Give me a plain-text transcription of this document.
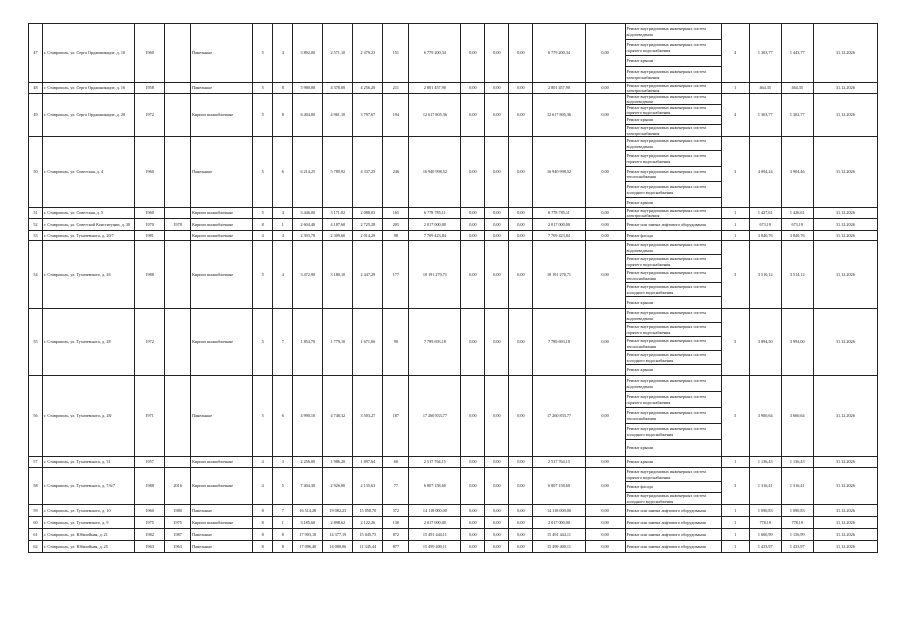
47	г. Ставрополь, ул. Серго Орджоникидзе, д. 10	1960		Панельные	5	4	3 892,00	2 571,10	2 479,23	151	6 779 200,34	0,00	0,00	0,00	6 779 200,34	0,00	Ремонт внутридомовых инженерных систем водоотведения
Ремонт внутридомовых инженерных систем горячего водоснабжения
Ремонт крыши
Ремонт внутридомовых инженерных систем электроснабжения	4	1 303,77	1 443,77	31.12.2026
48	г. Ставрополь, ул. Серго Орджоникидзе, д. 16	1958		Панельные	5	8	5 980,00	4 378,00	4 256,20	211	2 801 457,90	0,00	0,00	0,00	2 801 457,90	0,00	Ремонт внутридомовых инженерных систем электроснабжения	1	464,35	464,35	31.12.2026
49	г. Ставрополь, ул. Серго Орджоникидзе, д. 20	1972		Кирпич шлакоблочные	5	8	6 404,00	4 961,10	3 797,67	194	12 617 805,36	0,00	0,00	0,00	12 617 805,36	0,00	Ремонт внутридомовых инженерных систем водоотведения
Ремонт внутридомовых инженерных систем горячего водоснабжения
Ремонт крыши
Ремонт внутридомовых инженерных систем электроснабжения	4	1 303,77	1 302,77	31.12.2026
50	г. Ставрополь, ул. Советская, д. 4	1960		Панельные	5	6	6 214,25	5 789,92	4 337,25	246	16 940 998,52	0,00	0,00	0,00	16 940 998,52	0,00	Ремонт внутридомовых инженерных систем водоотведения
Ремонт внутридомовых инженерных систем горячего водоснабжения
Ремонт внутридомовых инженерных систем теплоснабжения
Ремонт внутридомовых инженерных систем холодного водоснабжения
Ремонт крыши	3	4 094,24	3 904,46	31.12.2026
51	г. Ставрополь, ул. Советская, д. 5	1960		Кирпич шлакоблочные	5	4	3 446,00	3 171,02	2 088,03	165	6 778 785,11	0,00	0,00	0,00	6 778 785,11	0,00	Ремонт внутридомовых инженерных систем электроснабжения	1	1 427,61	1 426,61	31.12.2026
52	г. Ставрополь, ул. Советской Конституции, д. 30	1970	1978	Кирпич шлакоблочные	8	1	2 604,40	4 187,60	2 725,28	205	2 017 000,00	0,00	0,00	0,00	2 017 000,00	0,00	Ремонт или замена лифтового оборудования	1	673,19	673,19	31.12.2026
53	г. Ставрополь, ул. Тухачевского, д. 20/7	1981		Кирпич шлакоблочные	4	4	2 393,78	2 309,60	2 014,29	98	7 709 423,84	0,00	0,00	0,00	7 709 423,84	0,00	Ремонт фасада	1	3 840,76	3 840,76	31.12.2026
54	г. Ставрополь, ул. Тухачевского, д. 26	1988		Кирпич шлакоблочные	5	4	3 472,90	3 180,10	2 447,29	177	10 191 270,71	0,00	0,00	0,00	10 191 270,71	0,00	Ремонт внутридомовых инженерных систем водоотведения
Ремонт внутридомовых инженерных систем горячего водоснабжения
Ремонт внутридомовых инженерных систем теплоснабжения
Ремонт внутридомовых инженерных систем холодного водоснабжения
Ремонт крыши	3	3 510,12	3 514,12	31.12.2026
55	г. Ставрополь, ул. Тухачевского, д. 28	1972		Кирпич шлакоблочные	5	7	1 854,70	1 779,10	1 671,06	90	7 789 693,18	0,00	0,00	0,00	7 789 693,18	0,00	Ремонт внутридомовых инженерных систем водоотведения
Ремонт внутридомовых инженерных систем горячего водоснабжения
Ремонт внутридомовых инженерных систем теплоснабжения
Ремонт внутридомовых инженерных систем холодного водоснабжения
Ремонт крыши	5	3 894,50	3 994,00	31.12.2026
56	г. Ставрополь, ул. Тухачевского, д. 28/	1971		Панельные	5	6	4 990,10	4 748,32	3 503,27	187	17 260 833,77	0,00	0,00	0,00	17 260 833,77	0,00	Ремонт внутридомовых инженерных систем водоотведения
Ремонт внутридомовых инженерных систем горячего водоснабжения
Ремонт внутридомовых инженерных систем теплоснабжения
Ремонт внутридомовых инженерных систем холодного водоснабжения
Ремонт крыши	5	3 900,64	3 660,64	31.12.2026
57	г. Ставрополь, ул. Тухачевского, д. 31	1957		Кирпич шлакоблочные	4	3	2 256,00	1 986,20	1 897,64	60	2 517 764,15	0,00	0,00	0,00	2 517 764,15	0,00	Ремонт крыши	1	1 136,43	1 136,43	31.12.2026
58	г. Ставрополь, ул. Тухачевского, д. 7/6/7	1988	2016	Кирпич шлакоблочные	4	5	7 404,30	2 926,00	2 135,63	77	6 807 158,60	0,00	0,00	0,00	6 807 158,60	0,00	Ремонт внутридомовых инженерных систем горячего водоснабжения
Ремонт фасада
Ремонт внутридомовых инженерных систем холодного водоснабжения	3	1 316,41	1 316,41	31.12.2026
59	г. Ставрополь, ул. Тухачевского, д. 10	1960	1980	Панельные	8	7	16 514,28	19 082,23	15 050,70	572	14 118 000,00	0,00	0,00	0,00	14 118 000,00	0,00	Ремонт или замена лифтового оборудования	1	1 090,83	1 090,83	31.12.2026
60	г. Ставрополь, ул. Тухачевского, д. 9	1975	1975	Кирпич шлакоблочные	8	1	3 185,60	2 898,62	2 122,26	130	2 017 000,00	0,00	0,00	0,00	2 017 000,00	0,00	Ремонт или замена лифтового оборудования	1	778,19	778,19	31.12.2026
61	г. Ставрополь, ул. Юбилейная, д. 21	1982	1987	Панельные	8	8	17 903,10	14 377,19	15 045,75	872	15 491 444,11	0,00	0,00	0,00	15 491 444,11	0,00	Ремонт или замена лифтового оборудования	1	1 600,99	1 156,99	31.12.2026
62	г. Ставрополь, ул. Юбилейная, д. 25	1963	1963	Панельные	8	8	17 096,40	14 080,06	11 345,44	877	15 499 400,11	0,00	0,00	0,00	15 499 400,11	0,00	Ремонт или замена лифтового оборудования	1	1 433,97	1 433,97	31.12.2026
